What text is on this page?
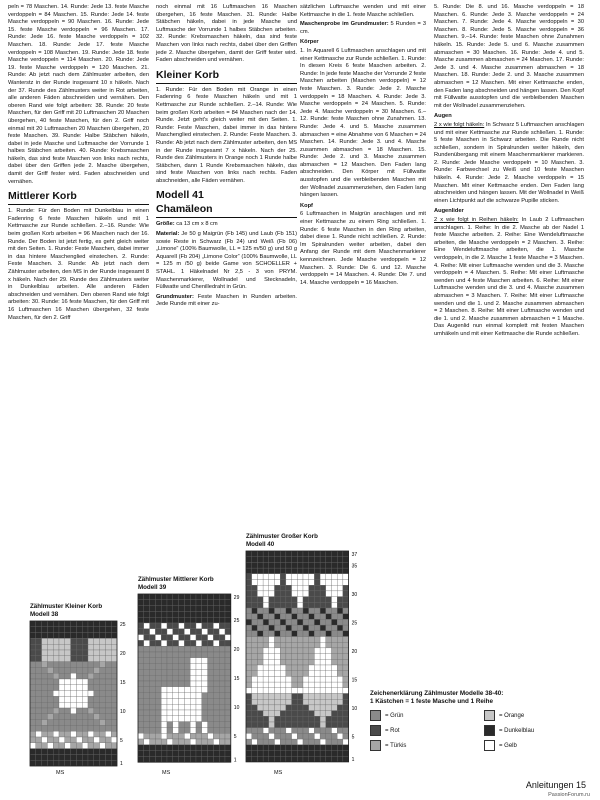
peln = 78 Maschen. 14. Runde: Jede 13. feste Masche verdoppeln = 84 Maschen. 15. Runde: Jede 14. feste Masche verdoppeln = 90 Maschen. 16. Runde: Jede 15. feste Masche verdoppeln = 96 Maschen. 17. Runde: Jede 16. feste Masche verdoppeln = 102 Maschen. 18. Runde: Jede 17. feste Masche verdoppeln = 108 Maschen. 19. Runde: Jede 18. feste Masche verdoppeln = 114 Maschen. 20. Runde: Jede 19. feste Masche verdoppeln = 120 Maschen. 21. Runde: Ab jetzt nach dem Zählmuster arbeiten, den Wanterstz in der Runde insgesamt 10 x häkeln. Nach der 37. Runde des Zählmusters weiter in Rot arbeiten, alle anderen Fäden abschneiden und vernähen. Den oberen Rand wie folgt arbeiten: 38. Runde: 20 feste Maschen, für den Griff mit 20 Luftmaschen 20 Maschen übergehen, 40 feste Maschen, für den 2. Griff noch einmal mit 20 Luftmaschen 20 Maschen übergehen, 20 feste Maschen. 39. Runde: Halbe Stäbchen häkeln, dabei in jede Masche und Luftmasche der Vorrunde 1 halbes Stäbchen arbeiten. 40. Runde: Krebsmaschen häkeln, das sind feste Maschen von links nach rechts, dabei über den Griffen jede 2. Masche übergehen, damit der Griff fester wird. Faden abschneiden und vernähen.

Mittlerer Korb

1. Runde: Für den Boden mit Dunkelblau in einen Fadenring 6 feste Maschen häkeln und mit 1 Kettmasche zur Runde schließen. 2.–16. Runde: Wie beim großen Korb arbeiten = 96 Maschen nach der 16. Runde. Der Boden ist jetzt fertig, es geht gleich weiter mit den Seiten. 1. Runde: Feste Maschen, dabei immer in das hintere Maschenglied einstechen. 2. Runde: Feste Maschen. 3. Runde: Ab jetzt nach dem Zählmuster arbeiten, den MS in der Runde insgesamt 8 x häkeln. Nach der 29. Runde des Zählmusters weiter in Dunkelblau arbeiten. Alle anderen Fäden abschneiden und vernähen. Den oberen Rand wie folgt arbeiten: 30. Runde: 16 feste Maschen, für den Griff mit 16 Luftmaschen 16 Maschen übergehen, 32 feste Maschen, für den 2. Griff

noch einmal mit 16 Luftmaschen 16 Maschen übergehen, 16 feste Maschen. 31. Runde: Halbe Stäbchen häkeln, dabei in jede Masche und Luftmasche der Vorrunde 1 halbes Stäbchen arbeiten. 32. Runde: Krebsmaschen häkeln, das sind feste Maschen von links nach rechts, dabei über den Griffen jede 2. Masche übergehen, damit der Griff fester wird. Faden abschneiden und vernähen.

Kleiner Korb

1. Runde: Für den Boden mit Orange in einen Fadenring 6 feste Maschen häkeln und mit 1 Kettmasche zur Runde schließen. 2.–14. Runde: Wie beim großen Korb arbeiten = 84 Maschen nach der 14. Runde. Jetzt geht's gleich weiter mit den Seiten. 1. Runde: Feste Maschen, dabei immer in das hintere Maschenglied einstechen. 2. Runde: Feste Maschen. 3. Runde: Ab jetzt nach dem Zählmuster arbeiten, den MS in der Runde insgesamt 7 x häkeln. Nach der 25. Runde des Zählmusters in Orange noch 1 Runde halbe Stäbchen, dann 1 Runde Krebsmaschen häkeln, das sind feste Maschen von links nach rechts. Faden abschneiden, alle Fäden vernähen.

Modell 41
Chamäleon

Größe: ca 13 cm x 8 cm

Material: Je 50 g Maigrün (Fb 145) und Laub (Fb 151) sowie Reste in Schwarz (Fb 24) und Weiß (Fb 06) „Limone“ (100% Baumwolle, LL = 125 m/50 g) und 50 g Aquarell (Fb 204) „Limone Color“ (100% Baumwolle, LL = 125 m /50 g) beide Game von SCHOELLER + STAHL. 1 Häkelnadel Nr 2,5 - 3 von PRYM. Maschenmarkierer, Wollnadel und Stecknadeln, Füllwatte und Chenilledraht in Grün.

Grundmuster: Feste Maschen in Runden arbeiten. Jede Runde mit einer zu-

sätzlichen Luftmasche wenden und mit einer Kettmasche in die 1. feste Masche schließen.

Maschenprobe im Grundmuster: 5 Runden = 3 cm.

Körper

1. In Aquarell 6 Luftmaschen anschlagen und mit einer Kettmasche zur Runde schließen. 1. Runde: In diesen Kreis 6 feste Maschen arbeiten. 2. Runde: In jede feste Masche der Vorrunde 2 feste Maschen arbeiten (Maschen verdoppeln) = 12 feste Maschen. 3. Runde: Jede 2. Masche verdoppeln = 18 Maschen. 4. Runde: Jede 3. Masche verdoppeln = 24 Maschen. 5. Runde: Jede 4. Masche verdoppeln = 30 Maschen. 6.–12. Runde: feste Maschen ohne Zunahmen. 13. Runde: Jede 4. und 5. Masche zusammen abmaschen = eine Abnahme von 6 Maschen = 24 Maschen. 14. Runde: Jede 3. und 4. Masche zusammen abmaschen = 18 Maschen. 15. Runde: Jede 2. und 3. Masche zusammen abmaschen = 12 Maschen. Den Faden lang abschneiden. Den Körper mit Füllwatte ausstopfen und die verbleibenden Maschen mit der Wollnadel zusammenziehen, den Faden lang hängen lassen.

Kopf

6 Luftmaschen in Maigrün anschlagen und mit einer Kettmasche zu einem Ring schließen. 1. Runde: 6 feste Maschen in den Ring arbeiten, dabei diese 1. Runde nicht schließen. 2. Runde: Im Spiralrunden weiter arbeiten, dabei den Anfang der Runde mit dem Maschenmarkierer kennzeichnen. Jede Masche verdoppeln = 12 Maschen. 3. Runde: Die 6. und 12. Masche verdoppeln = 14 Maschen. 4. Runde: Die 7. und 14. Masche verdoppeln = 16 Maschen.

5. Runde: Die 8. und 16. Masche verdoppeln = 18 Maschen. 6. Runde: Jede 3. Masche verdoppeln = 24 Maschen. 7. Runde: Jede 4. Masche verdoppeln = 30 Maschen. 8. Runde: Jede 5. Masche verdoppeln = 36 Maschen. 9.–14. Runde: feste Maschen ohne Zunahmen häkeln. 15. Runde: Jede 5. und 6. Masche zusammen abmaschen = 30 Maschen. 16. Runde: Jede 4. und 5. Masche zusammen abmaschen = 24 Maschen. 17. Runde: Jede 3. und 4. Masche zusammen abmaschen = 18 Maschen. 18. Runde: Jede 2. und 3. Masche zusammen abmaschen = 12 Maschen. Mit einer Kettmasche enden, den Faden lang abschneiden und hängen lassen. Den Kopf mit Füllwatte ausstopfen und die verbleibenden Maschen mit der Wollnadel zusammenziehen.

Augen

2 x wie folgt häkeln: In Schwarz 5 Luftmaschen anschlagen und mit einer Kettmasche zur Runde schließen. 1. Runde: 5 feste Maschen in Schwarz arbeiten. Die Runde nicht schließen, sondern in Spiralrunden weiter häkeln, den Rundenübergang mit einem Maschenmarkierer markieren. 2. Runde: Jede Masche verdoppeln = 10 Maschen. 3. Runde: Farbwechsel zu Weiß und 10 feste Maschen häkeln. 4. Runde: Jede 2. Masche verdoppeln = 15 Maschen. Mit einer Kettmasche enden. Den Faden lang abschneiden und hängen lassen. Mit der Wollnadel in Weiß einen Lichtpunkt auf die schwarze Pupille sticken.

Augenlider

2 x wie folgt in Reihen häkeln: In Laub 2 Luftmaschen anschlagen. 1. Reihe: In die 2. Masche ab der Nadel 1 feste Masche arbeiten. 2. Reihe: Eine Wendeluftmasche arbeiten, die Masche verdoppeln = 2 Maschen. 3. Reihe: Eine Wendeluftmasche arbeiten, die 1. Masche verdoppeln, in die 2. Masche 1 feste Masche = 3 Maschen. 4. Reihe: Mit einer Luftmasche wenden und die 3. Masche verdoppeln = 4 Maschen. 5. Reihe: Mit einer Luftmasche wenden und 4 feste Maschen arbeiten. 6. Reihe: Mit einer Luftmasche wenden und die 3. und 4. Masche zusammen abmaschen = 3 Maschen. 7. Reihe: Mit einer Luftmasche wenden und die 1. und 2. Masche zusammen abmaschen = 2 Maschen. 8. Reihe: Mit einer Luftmasche wenden und die 1. und 2. Masche zusammen abmaschen = 1 Masche. Das Augenlid nun einmal komplett mit festen Maschen umhäkeln und mit einer Kettmasche die Runde schließen.

Zählmuster Großer Korb
Modell 40
37
35
30
25
20
15
10
5
1
MS
Zählmuster Mittlerer Korb
Modell 39
29
25
20
15
10
5
1
MS
Zählmuster Kleiner Korb
Modell 38
25
20
15
10
5
1
MS
Zeichenerklärung Zählmuster Modelle 38-40:
1 Kästchen = 1 feste Masche und 1 Reihe
= Grün	= Orange
= Rot	= Dunkelblau
= Türkis	= Gelb
Anleitungen 15
PassionForum.ru
